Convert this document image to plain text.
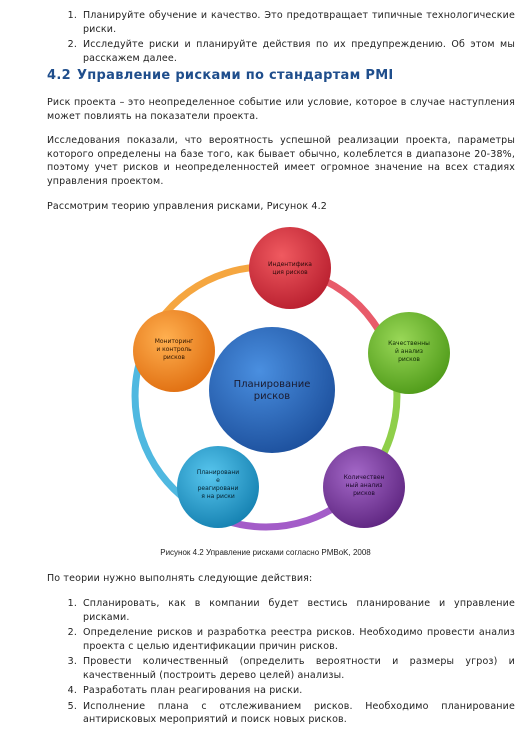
1. Планируйте обучение и качество. Это предотвращает типичные технологические риски.
2. Исследуйте риски и планируйте действия по их предупреждению. Об этом мы расскажем далее.
4.2 Управление рисками по стандартам PMI

Риск проекта – это неопределенное событие или условие, которое в случае наступления может повлиять на показатели проекта.

Исследования показали, что вероятность успешной реализации проекта, параметры которого определены на базе того, как бывает обычно, колеблется в диапазоне 20-38%, поэтому учет рисков и неопределенностей имеет огромное значение на всех стадиях управления проектом.

Рассмотрим теорию управления рисками, Рисунок 4.2

Планирование
рисков
Индентифика
ция рисков
Качественны
й анализ
рисков
Количествен
ный анализ
рисков
Планировани
е
реагировани
я на риски
Мониторинг
и контроль
рисков
Рисунок 4.2 Управление рисками согласно PMBoK, 2008

По теории нужно выполнять следующие действия:

1. Спланировать, как в компании будет вестись планирование и управление рисками.
2. Определение рисков и разработка реестра рисков. Необходимо провести анализ проекта с целью идентификации причин рисков.
3. Провести количественный (определить вероятности и размеры угроз) и качественный (построить дерево целей) анализы.
4. Разработать план реагирования на риски.
5. Исполнение плана с отслеживанием рисков. Необходимо планирование антирисковых мероприятий и поиск новых рисков.
